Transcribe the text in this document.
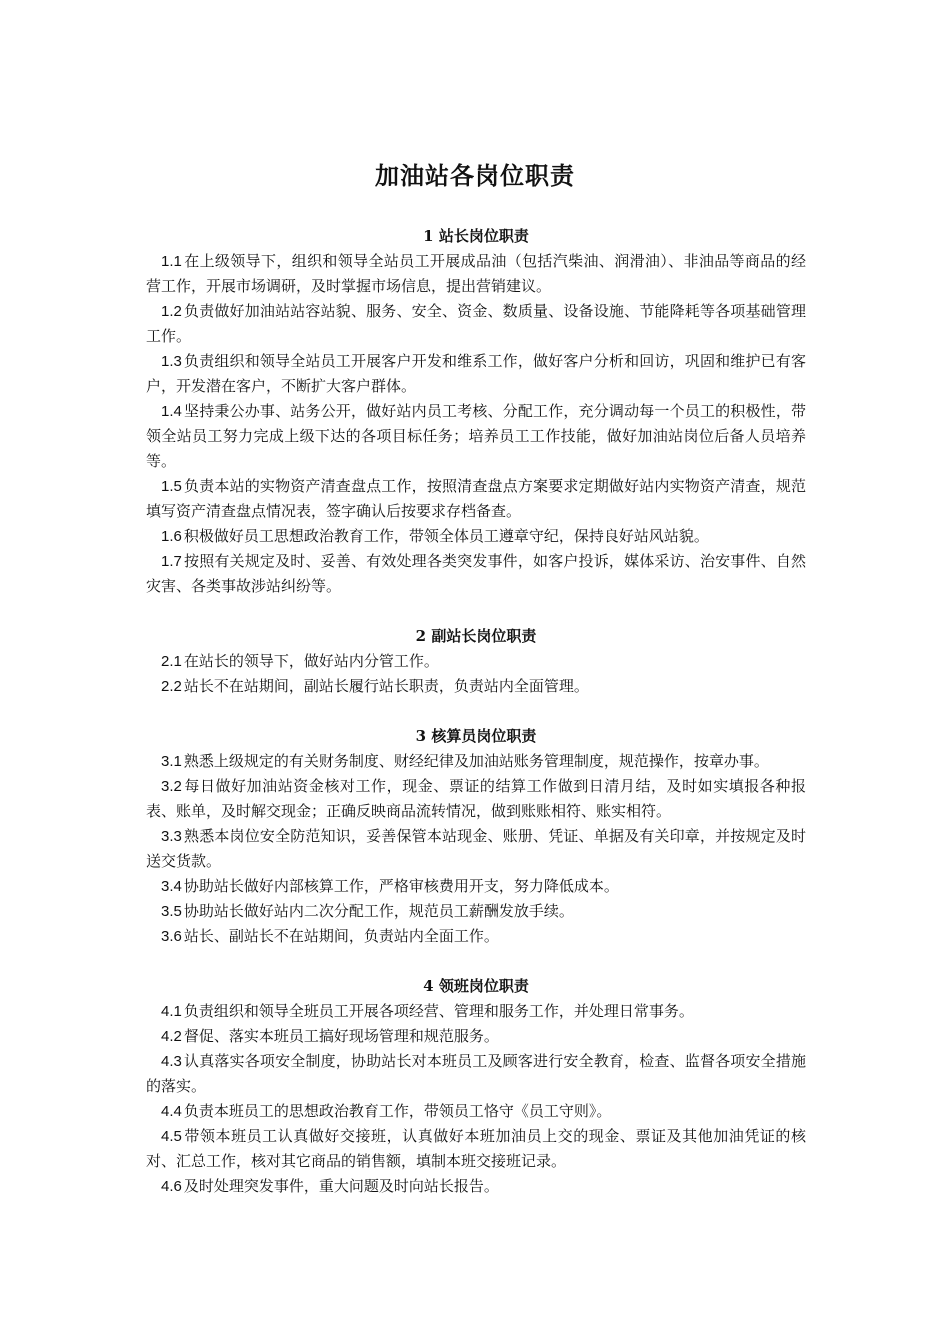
加油站各岗位职责
1 站长岗位职责
1.1 在上级领导下，组织和领导全站员工开展成品油（包括汽柴油、润滑油）、非油品等商品的经营工作，开展市场调研，及时掌握市场信息，提出营销建议。
1.2 负责做好加油站站容站貌、服务、安全、资金、数质量、设备设施、节能降耗等各项基础管理工作。
1.3 负责组织和领导全站员工开展客户开发和维系工作，做好客户分析和回访，巩固和维护已有客户，开发潜在客户，不断扩大客户群体。
1.4 坚持秉公办事、站务公开，做好站内员工考核、分配工作，充分调动每一个员工的积极性，带领全站员工努力完成上级下达的各项目标任务；培养员工工作技能，做好加油站岗位后备人员培养等。
1.5 负责本站的实物资产清查盘点工作，按照清查盘点方案要求定期做好站内实物资产清查，规范填写资产清查盘点情况表，签字确认后按要求存档备查。
1.6 积极做好员工思想政治教育工作，带领全体员工遵章守纪，保持良好站风站貌。
1.7 按照有关规定及时、妥善、有效处理各类突发事件，如客户投诉，媒体采访、治安事件、自然灾害、各类事故涉站纠纷等。
2 副站长岗位职责
2.1 在站长的领导下，做好站内分管工作。
2.2 站长不在站期间，副站长履行站长职责，负责站内全面管理。
3 核算员岗位职责
3.1 熟悉上级规定的有关财务制度、财经纪律及加油站账务管理制度，规范操作，按章办事。
3.2 每日做好加油站资金核对工作，现金、票证的结算工作做到日清月结，及时如实填报各种报表、账单，及时解交现金；正确反映商品流转情况，做到账账相符、账实相符。
3.3 熟悉本岗位安全防范知识，妥善保管本站现金、账册、凭证、单据及有关印章，并按规定及时送交货款。
3.4 协助站长做好内部核算工作，严格审核费用开支，努力降低成本。
3.5 协助站长做好站内二次分配工作，规范员工薪酬发放手续。
3.6 站长、副站长不在站期间，负责站内全面工作。
4 领班岗位职责
4.1 负责组织和领导全班员工开展各项经营、管理和服务工作，并处理日常事务。
4.2 督促、落实本班员工搞好现场管理和规范服务。
4.3 认真落实各项安全制度，协助站长对本班员工及顾客进行安全教育，检查、监督各项安全措施的落实。
4.4 负责本班员工的思想政治教育工作，带领员工恪守《员工守则》。
4.5 带领本班员工认真做好交接班，认真做好本班加油员上交的现金、票证及其他加油凭证的核对、汇总工作，核对其它商品的销售额，填制本班交接班记录。
4.6 及时处理突发事件，重大问题及时向站长报告。
